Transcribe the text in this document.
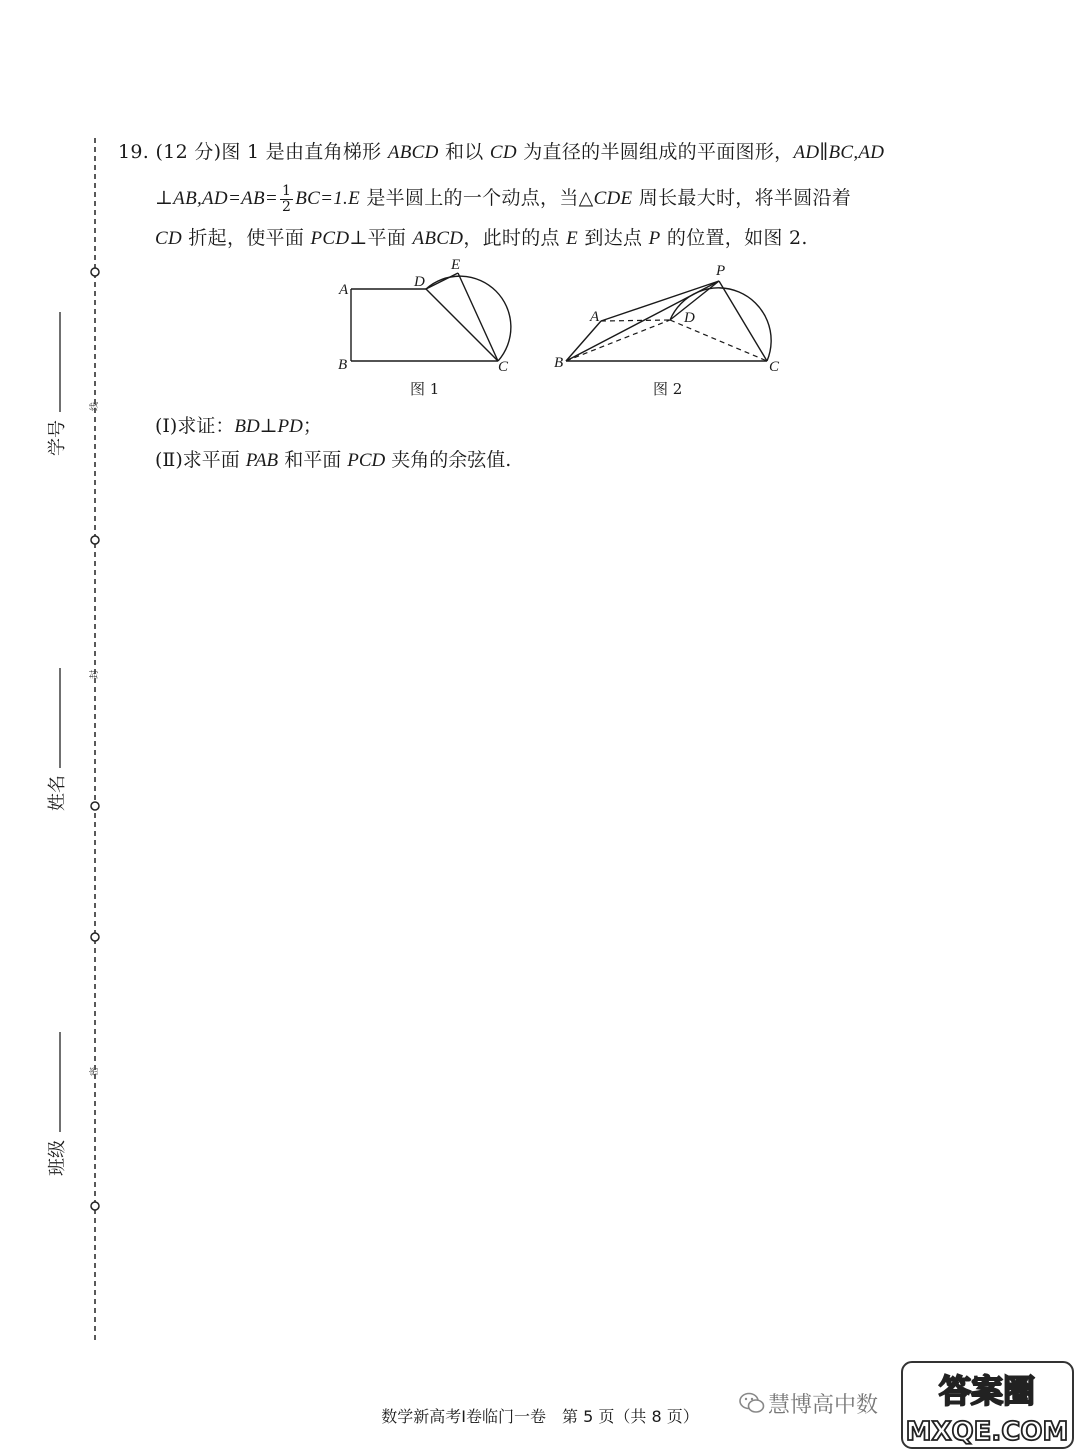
学号
姓名
班级
线
封
密
19. (12 分)图 1 是由直角梯形 ABCD 和以 CD 为直径的半圆组成的平面图形，AD∥BC,AD
⊥AB,AD=AB= $\frac{1}{2} BC=1.E$ 是半圆上的一个动点，当△CDE 周长最大时，将半圆沿着
CD 折起，使平面 PCD⊥平面 ABCD，此时的点 E 到达点 P 的位置，如图 2.
A
B	C
D
E
图 1
A
B	C
D
P
图 2
(Ⅰ)求证：BD⊥PD；
(Ⅱ)求平面 PAB 和平面 PCD 夹角的余弦值.
数学新高考Ⅰ卷临门一卷　第 5 页（共 8 页）	慧博高中数 答案圈
MXQE.COM
